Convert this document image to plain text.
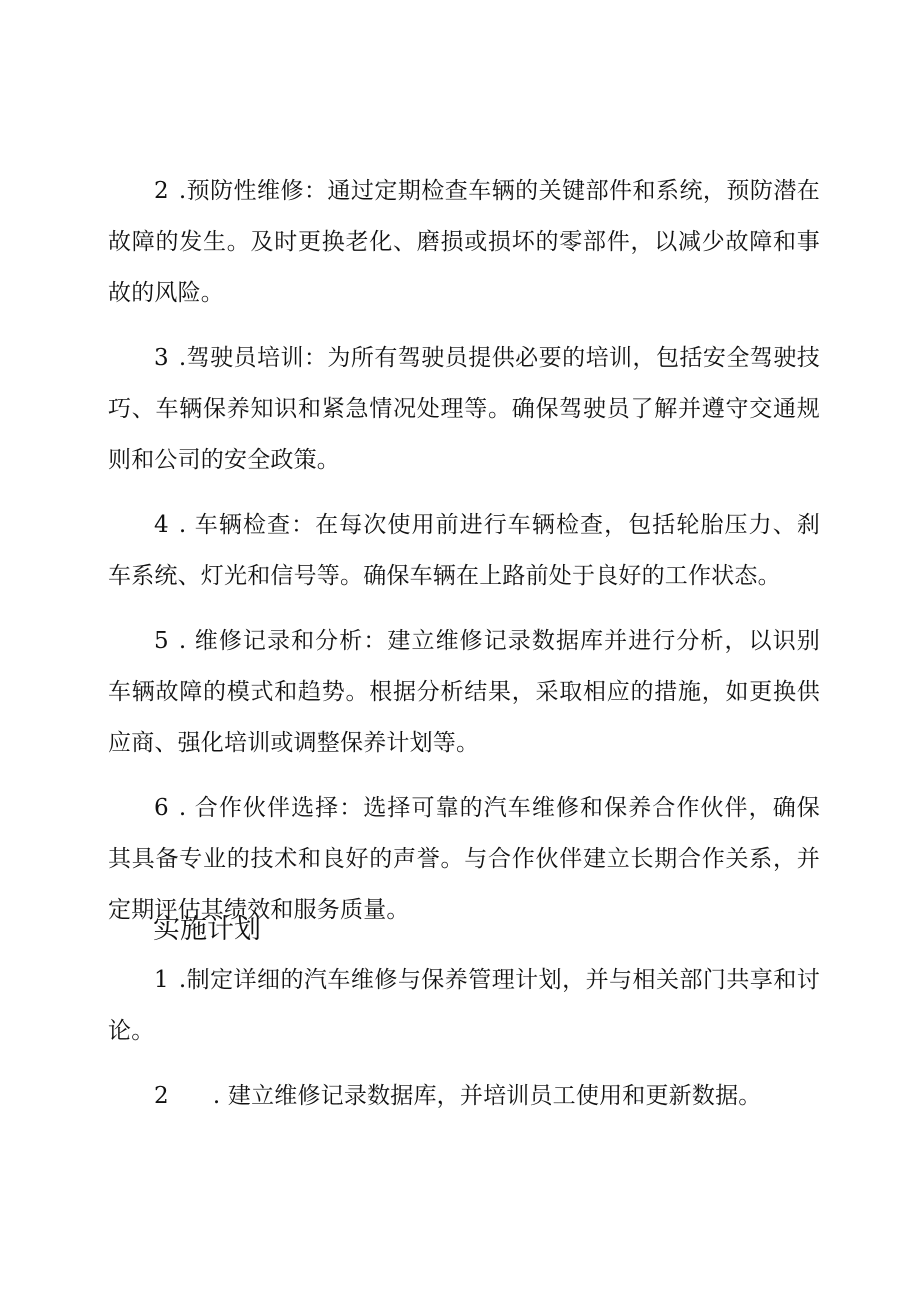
2 .预防性维修：通过定期检查车辆的关键部件和系统，预防潜在故障的发生。及时更换老化、磨损或损坏的零部件，以减少故障和事故的风险。

3 .驾驶员培训：为所有驾驶员提供必要的培训，包括安全驾驶技巧、车辆保养知识和紧急情况处理等。确保驾驶员了解并遵守交通规则和公司的安全政策。

4 . 车辆检查：在每次使用前进行车辆检查，包括轮胎压力、刹车系统、灯光和信号等。确保车辆在上路前处于良好的工作状态。

5 . 维修记录和分析：建立维修记录数据库并进行分析，以识别车辆故障的模式和趋势。根据分析结果，采取相应的措施，如更换供应商、强化培训或调整保养计划等。

6 . 合作伙伴选择：选择可靠的汽车维修和保养合作伙伴，确保其具备专业的技术和良好的声誉。与合作伙伴建立长期合作关系，并定期评估其绩效和服务质量。

实施计划

1 .制定详细的汽车维修与保养管理计划，并与相关部门共享和讨论。

2 . 建立维修记录数据库，并培训员工使用和更新数据。
